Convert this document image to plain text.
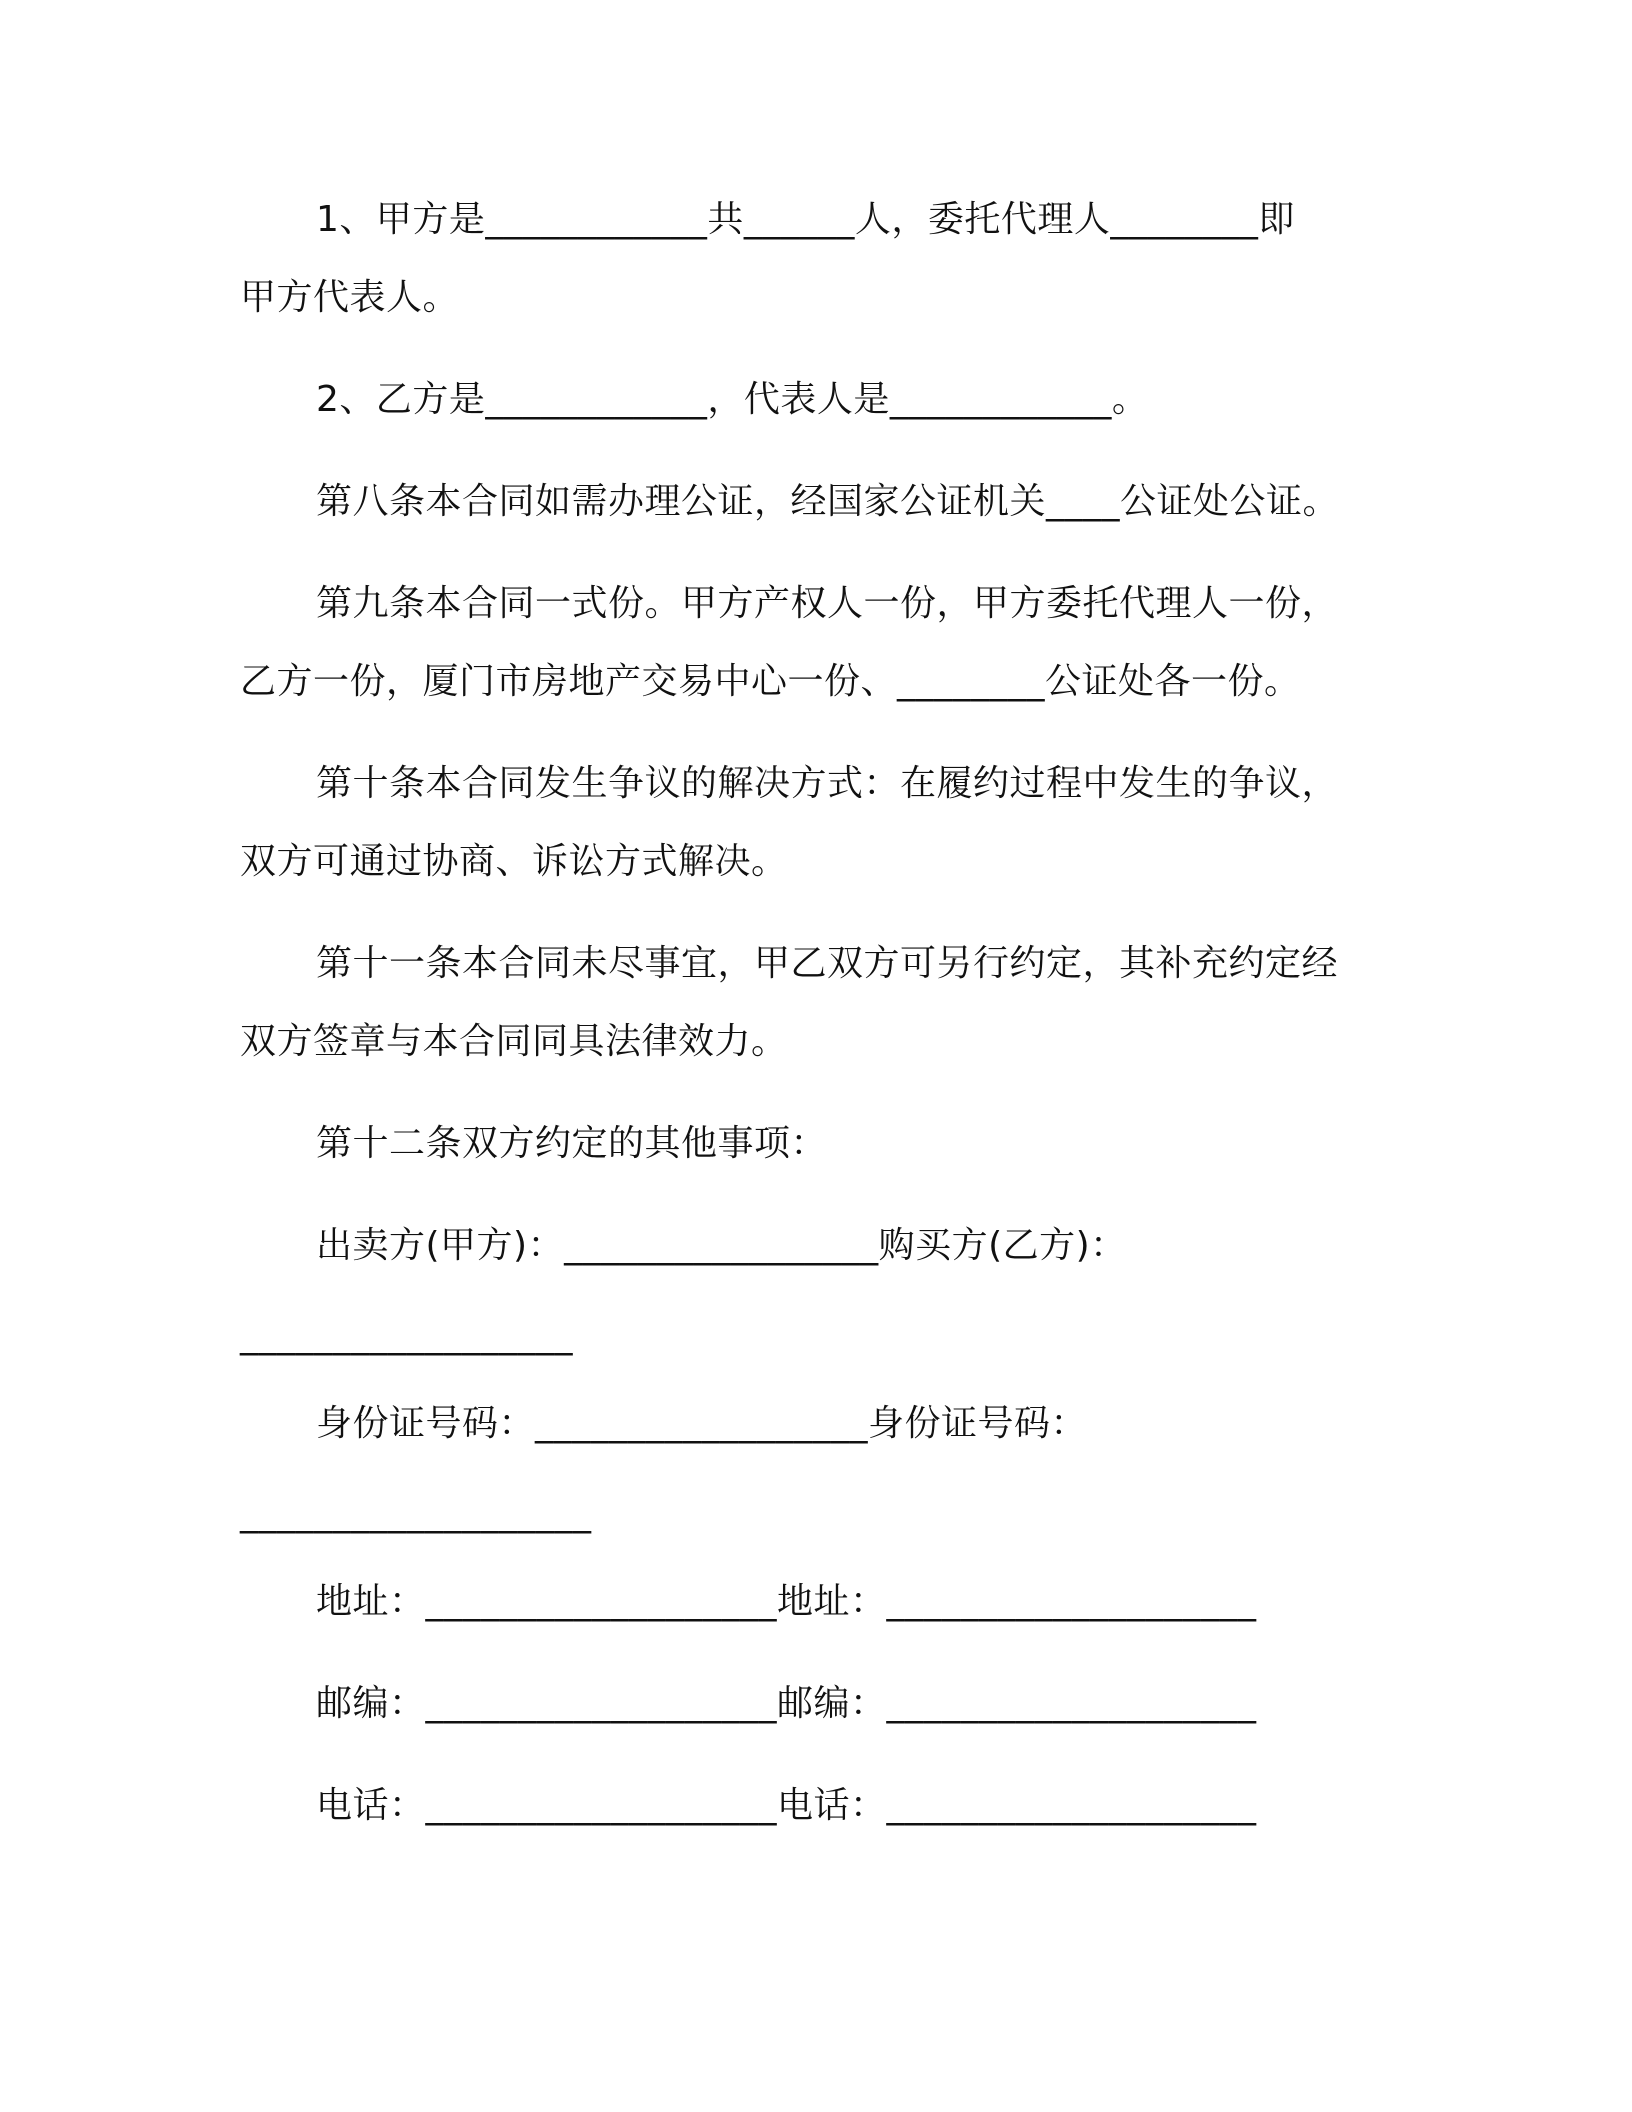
1、甲方是____________共______人，委托代理人________即
甲方代表人。
2、乙方是____________，代表人是____________。
第八条本合同如需办理公证，经国家公证机关____公证处公证。
第九条本合同一式份。甲方产权人一份，甲方委托代理人一份，
乙方一份，厦门市房地产交易中心一份、________公证处各一份。
第十条本合同发生争议的解决方式：在履约过程中发生的争议，
双方可通过协商、诉讼方式解决。
第十一条本合同未尽事宜，甲乙双方可另行约定，其补充约定经
双方签章与本合同同具法律效力。
第十二条双方约定的其他事项：
出卖方(甲方)：_________________购买方(乙方)：
__________________
身份证号码：__________________身份证号码：
___________________
地址：___________________地址：____________________
邮编：___________________邮编：____________________
电话：___________________电话：____________________
